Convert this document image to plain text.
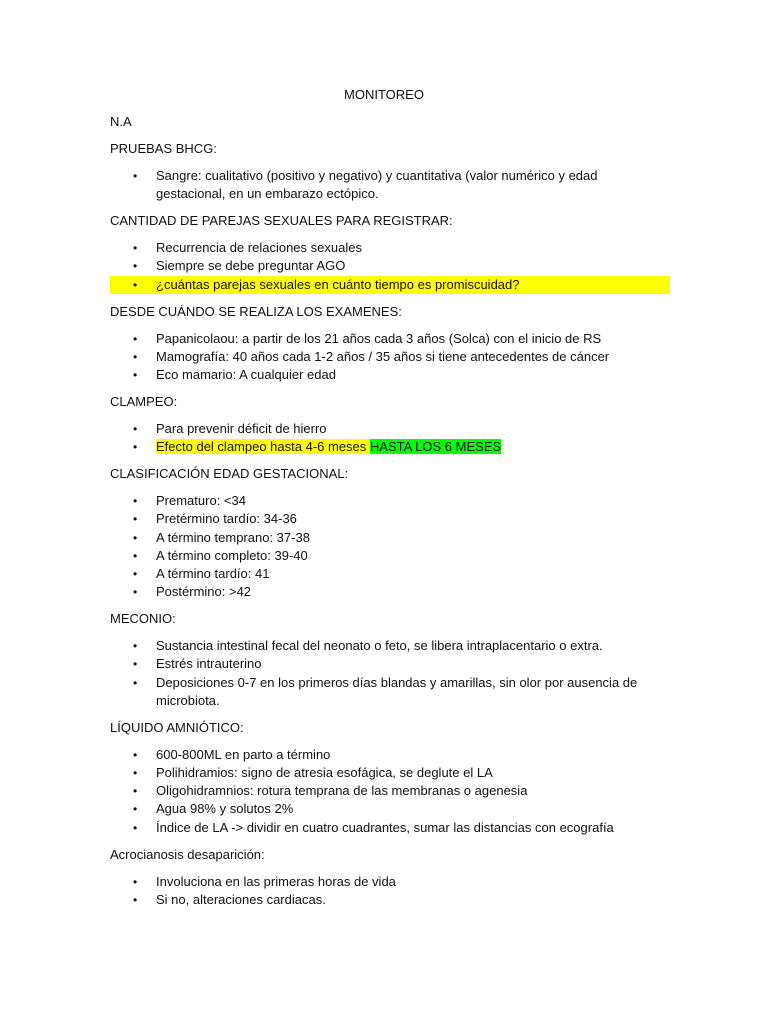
MONITOREO

N.A

PRUEBAS BHCG:

• Sangre: cualitativo (positivo y negativo) y cuantitativa (valor numérico y edad gestacional, en un embarazo ectópico.

CANTIDAD DE PAREJAS SEXUALES PARA REGISTRAR:

• Recurrencia de relaciones sexuales
• Siempre se debe preguntar AGO
• ¿cuántas parejas sexuales en cuánto tiempo es promiscuidad?

DESDE CUÁNDO SE REALIZA LOS EXAMENES:

• Papanicolaou: a partir de los 21 años cada 3 años (Solca) con el inicio de RS
• Mamografía: 40 años cada 1-2 años / 35 años si tiene antecedentes de cáncer
• Eco mamario: A cualquier edad

CLAMPEO:

• Para prevenir déficit de hierro
• Efecto del clampeo hasta 4-6 meses HASTA LOS 6 MESES

CLASIFICACIÓN EDAD GESTACIONAL:

• Prematuro: <34
• Pretérmino tardío: 34-36
• A término temprano: 37-38
• A término completo: 39-40
• A término tardío: 41
• Postérmino: >42

MECONIO:

• Sustancia intestinal fecal del neonato o feto, se libera intraplacentario o extra.
• Estrés intrauterino
• Deposiciones 0-7 en los primeros días blandas y amarillas, sin olor por ausencia de microbiota.

LÍQUIDO AMNIÓTICO:

• 600-800ML en parto a término
• Polihidramios: signo de atresia esofágica, se deglute el LA
• Oligohidramnios: rotura temprana de las membranas o agenesia
• Agua 98% y solutos 2%
• Índice de LA -> dividir en cuatro cuadrantes, sumar las distancias con ecografía

Acrocianosis desaparición:

• Involuciona en las primeras horas de vida
• Si no, alteraciones cardiacas.
